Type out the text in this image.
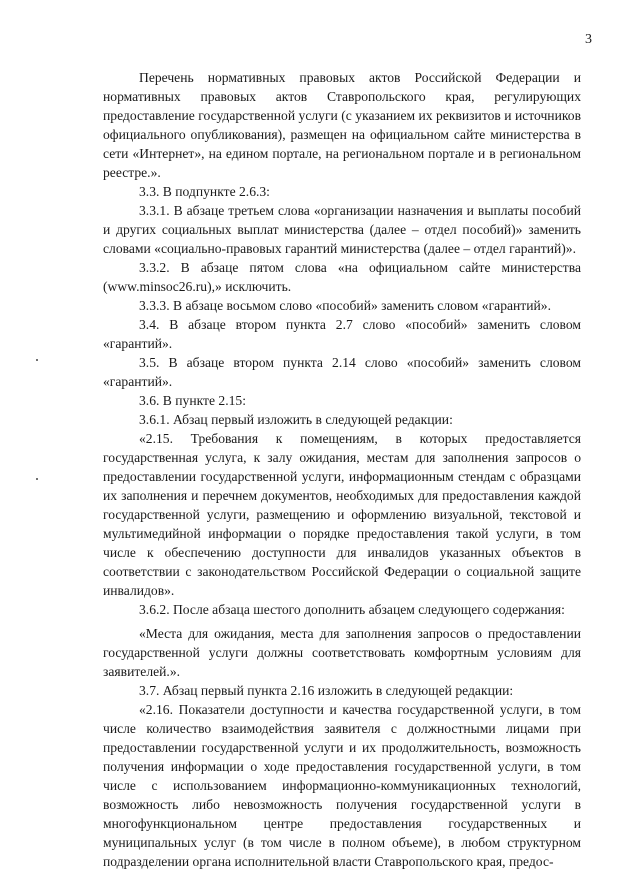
3

Перечень нормативных правовых актов Российской Федерации и нормативных правовых актов Ставропольского края, регулирующих предоставление государственной услуги (с указанием их реквизитов и источников официального опубликования), размещен на официальном сайте министерства в сети «Интернет», на едином портале, на региональном портале и в региональном реестре.».

3.3. В подпункте 2.6.3:

3.3.1. В абзаце третьем слова «организации назначения и выплаты пособий и других социальных выплат министерства (далее – отдел пособий)» заменить словами «социально-правовых гарантий министерства (далее – отдел гарантий)».

3.3.2. В абзаце пятом слова «на официальном сайте министерства (www.minsoc26.ru),» исключить.

3.3.3. В абзаце восьмом слово «пособий» заменить словом «гарантий».

3.4. В абзаце втором пункта 2.7 слово «пособий» заменить словом «гарантий».

3.5. В абзаце втором пункта 2.14 слово «пособий» заменить словом «гарантий».

3.6. В пункте 2.15:

3.6.1. Абзац первый изложить в следующей редакции:

«2.15. Требования к помещениям, в которых предоставляется государственная услуга, к залу ожидания, местам для заполнения запросов о предоставлении государственной услуги, информационным стендам с образцами их заполнения и перечнем документов, необходимых для предоставления каждой государственной услуги, размещению и оформлению визуальной, текстовой и мультимедийной информации о порядке предоставления такой услуги, в том числе к обеспечению доступности для инвалидов указанных объектов в соответствии с законодательством Российской Федерации о социальной защите инвалидов».

3.6.2. После абзаца шестого дополнить абзацем следующего содержания:

«Места для ожидания, места для заполнения запросов о предоставлении государственной услуги должны соответствовать комфортным условиям для заявителей.».

3.7. Абзац первый пункта 2.16 изложить в следующей редакции:

«2.16. Показатели доступности и качества государственной услуги, в том числе количество взаимодействия заявителя с должностными лицами при предоставлении государственной услуги и их продолжительность, возможность получения информации о ходе предоставления государственной услуги, в том числе с использованием информационно-коммуникационных технологий, возможность либо невозможность получения государственной услуги в многофункциональном центре предоставления государственных и муниципальных услуг (в том числе в полном объеме), в любом структурном подразделении органа исполнительной власти Ставропольского края, предос-
